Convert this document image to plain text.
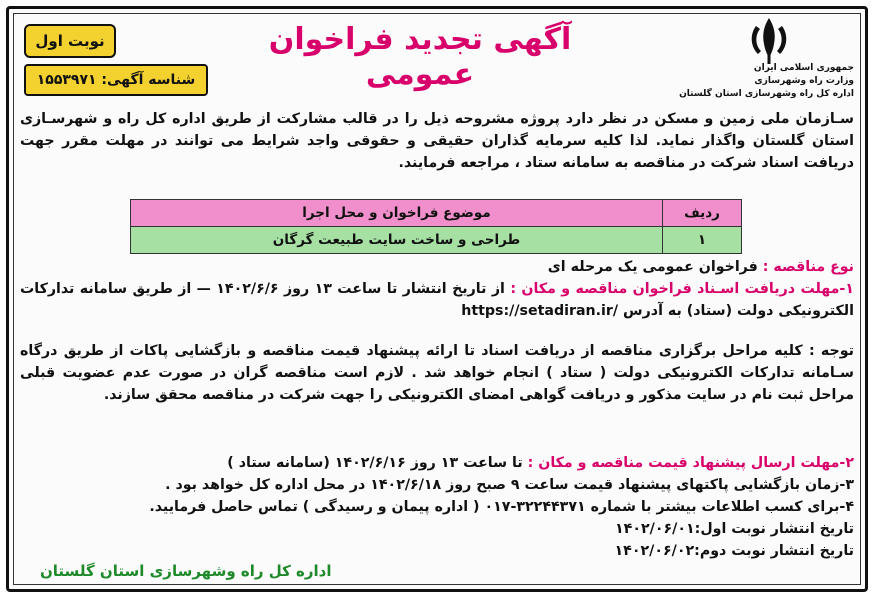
آگهی تجدید فراخوان عمومی
نوبت اول
شناسه آگهی: ۱۵۵۳۹۷۱
جمهوری اسلامی ایران
وزارت راه وشهرسازی
اداره کل راه وشهرسازی استان گلستان
سـازمان ملی زمین و مسکن در نظر دارد پروژه مشروحه ذیل را در قالب مشارکت از طریق اداره کل راه و شهرسـازی استان گلستان واگذار نماید. لذا کلیه سرمایه گذاران حقیقی و حقوقی واجد شرایط می توانند در مهلت مقرر جهت دریافت اسناد شرکت در مناقصه به سامانه ستاد ، مراجعه فرمایند.
ردیف	موضوع فراخوان و محل اجرا
۱	طراحی و ساخت سایت طبیعت گرگان
نوع مناقصه : فراخوان عمومی یک مرحله ای
۱-مهلت دریافت اسـناد فراخوان مناقصه و مکان : از تاریخ انتشار تا ساعت ۱۳ روز ۱۴۰۲/۶/۶ — از طریق سامانه تدارکات الکترونیکی دولت (ستاد) به آدرس https://setadiran.ir/
توجه : کلیه مراحل برگزاری مناقصه از دریافت اسناد تا ارائه پیشنهاد قیمت مناقصه و بازگشایی پاکات از طریق درگاه سـامانه تدارکات الکترونیکی دولت ( ستاد ) انجام خواهد شد . لازم است مناقصه گران در صورت عدم عضویت قبلی مراحل ثبت نام در سایت مذکور و دریافت گواهی امضای الکترونیکی را جهت شرکت در مناقصه محقق سازند.
۲-مهلت ارسال پیشنهاد قیمت مناقصه و مکان : تا ساعت ۱۳ روز ۱۴۰۲/۶/۱۶ (سامانه ستاد )
۳-زمان بازگشایی پاکتهای پیشنهاد قیمت ساعت ۹ صبح روز ۱۴۰۲/۶/۱۸ در محل اداره کل خواهد بود .
۴-برای کسب اطلاعات بیشتر با شماره ۳۲۲۴۴۳۷۱-۰۱۷ ( اداره پیمان و رسیدگی ) تماس حاصل فرمایید.
تاریخ انتشار نوبت اول:۱۴۰۲/۰۶/۰۱
تاریخ انتشار نوبت دوم:۱۴۰۲/۰۶/۰۲
اداره کل راه وشهرسازی استان گلستان
